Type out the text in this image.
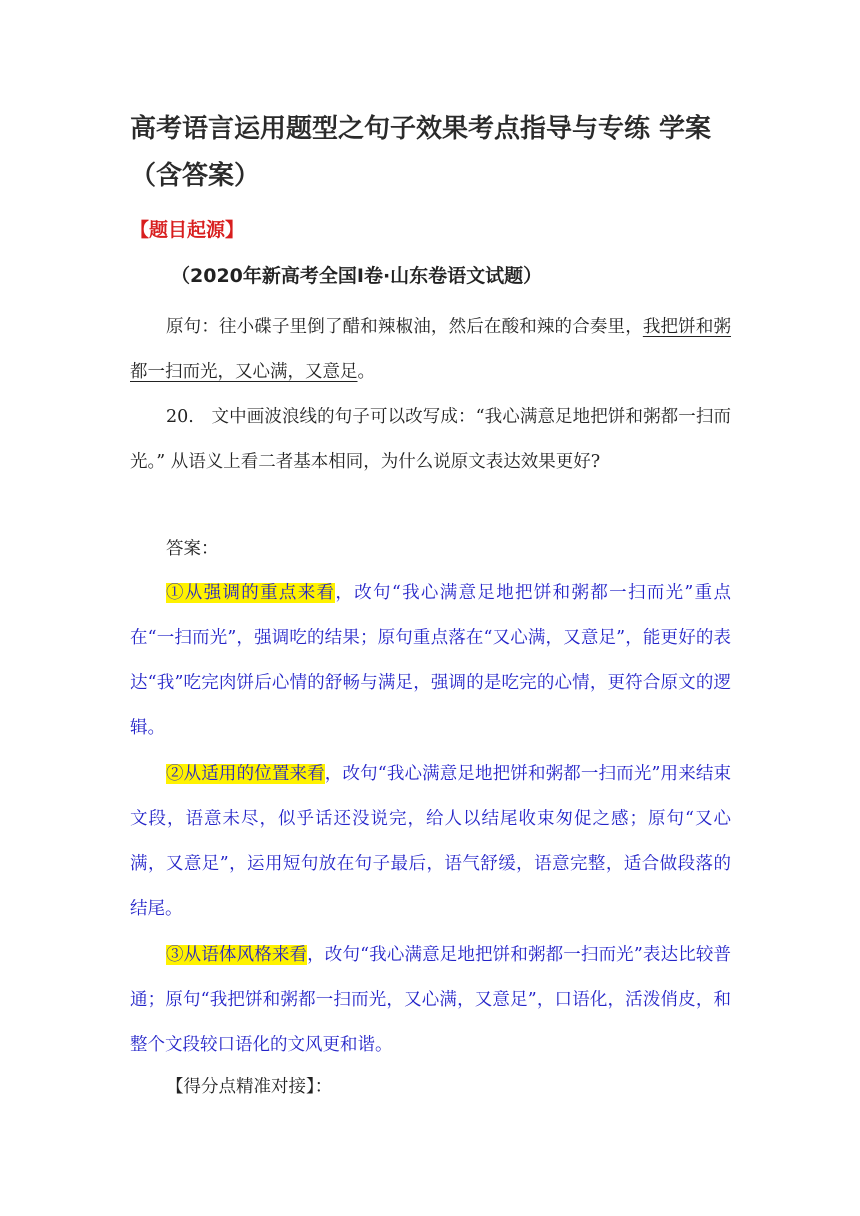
高考语言运用题型之句子效果考点指导与专练 学案（含答案）

【题目起源】

（2020年新高考全国Ⅰ卷·山东卷语文试题）

原句：往小碟子里倒了醋和辣椒油，然后在酸和辣的合奏里，我把饼和粥都一扫而光，又心满，又意足。

20.　文中画波浪线的句子可以改写成：“我心满意足地把饼和粥都一扫而光。” 从语义上看二者基本相同，为什么说原文表达效果更好?

答案：

①从强调的重点来看，改句“我心满意足地把饼和粥都一扫而光”重点在“一扫而光”，强调吃的结果；原句重点落在“又心满，又意足”，能更好的表达“我”吃完肉饼后心情的舒畅与满足，强调的是吃完的心情，更符合原文的逻辑。

②从适用的位置来看，改句“我心满意足地把饼和粥都一扫而光”用来结束文段，语意未尽，似乎话还没说完，给人以结尾收束匆促之感；原句“又心满，又意足”，运用短句放在句子最后，语气舒缓，语意完整，适合做段落的结尾。

③从语体风格来看，改句“我心满意足地把饼和粥都一扫而光”表达比较普通；原句“我把饼和粥都一扫而光，又心满，又意足”，口语化，活泼俏皮，和整个文段较口语化的文风更和谐。

【得分点精准对接】：
